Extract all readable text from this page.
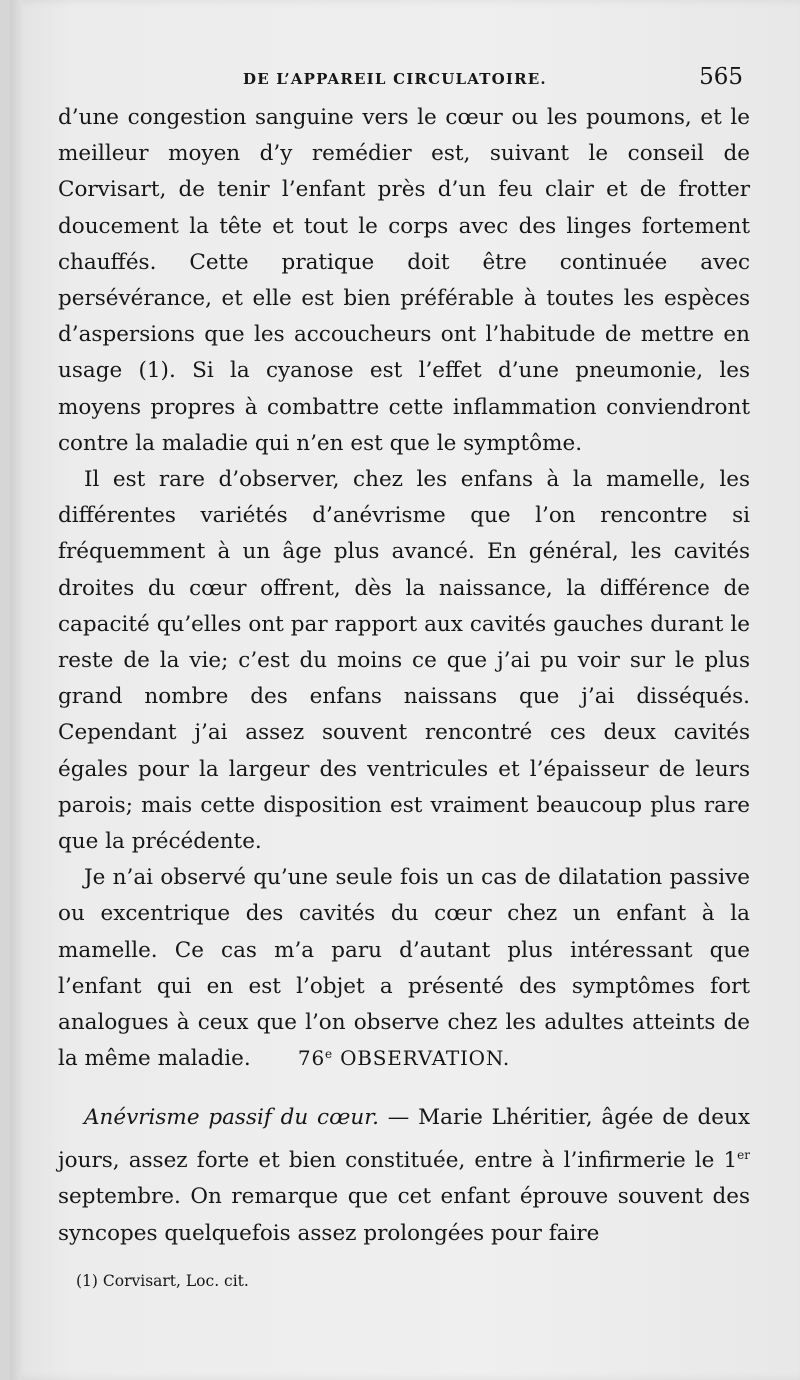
DE L’APPAREIL CIRCULATOIRE.	565

d’une congestion sanguine vers le cœur ou les poumons, et le meilleur moyen d’y remédier est, suivant le conseil de Corvisart, de tenir l’enfant près d’un feu clair et de frotter doucement la tête et tout le corps avec des linges fortement chauffés. Cette pratique doit être continuée avec persévérance, et elle est bien préférable à toutes les espèces d’aspersions que les accoucheurs ont l’habitude de mettre en usage (1). Si la cyanose est l’effet d’une pneumonie, les moyens propres à combattre cette inflammation conviendront contre la maladie qui n’en est que le symptôme.

Il est rare d’observer, chez les enfans à la mamelle, les différentes variétés d’anévrisme que l’on rencontre si fréquemment à un âge plus avancé. En général, les cavités droites du cœur offrent, dès la naissance, la différence de capacité qu’elles ont par rapport aux cavités gauches durant le reste de la vie; c’est du moins ce que j’ai pu voir sur le plus grand nombre des enfans naissans que j’ai disséqués. Cependant j’ai assez souvent rencontré ces deux cavités égales pour la largeur des ventricules et l’épaisseur de leurs parois; mais cette disposition est vraiment beaucoup plus rare que la précédente.

Je n’ai observé qu’une seule fois un cas de dilatation passive ou excentrique des cavités du cœur chez un enfant à la mamelle. Ce cas m’a paru d’autant plus intéressant que l’enfant qui en est l’objet a présenté des symptômes fort analogues à ceux que l’on observe chez les adultes atteints de la même maladie.	76e OBSERVATION.

Anévrisme passif du cœur. — Marie Lhéritier, âgée de deux jours, assez forte et bien constituée, entre à l’infirmerie le 1er septembre. On remarque que cet enfant éprouve souvent des syncopes quelquefois assez prolongées pour faire

(1) Corvisart, Loc. cit.
